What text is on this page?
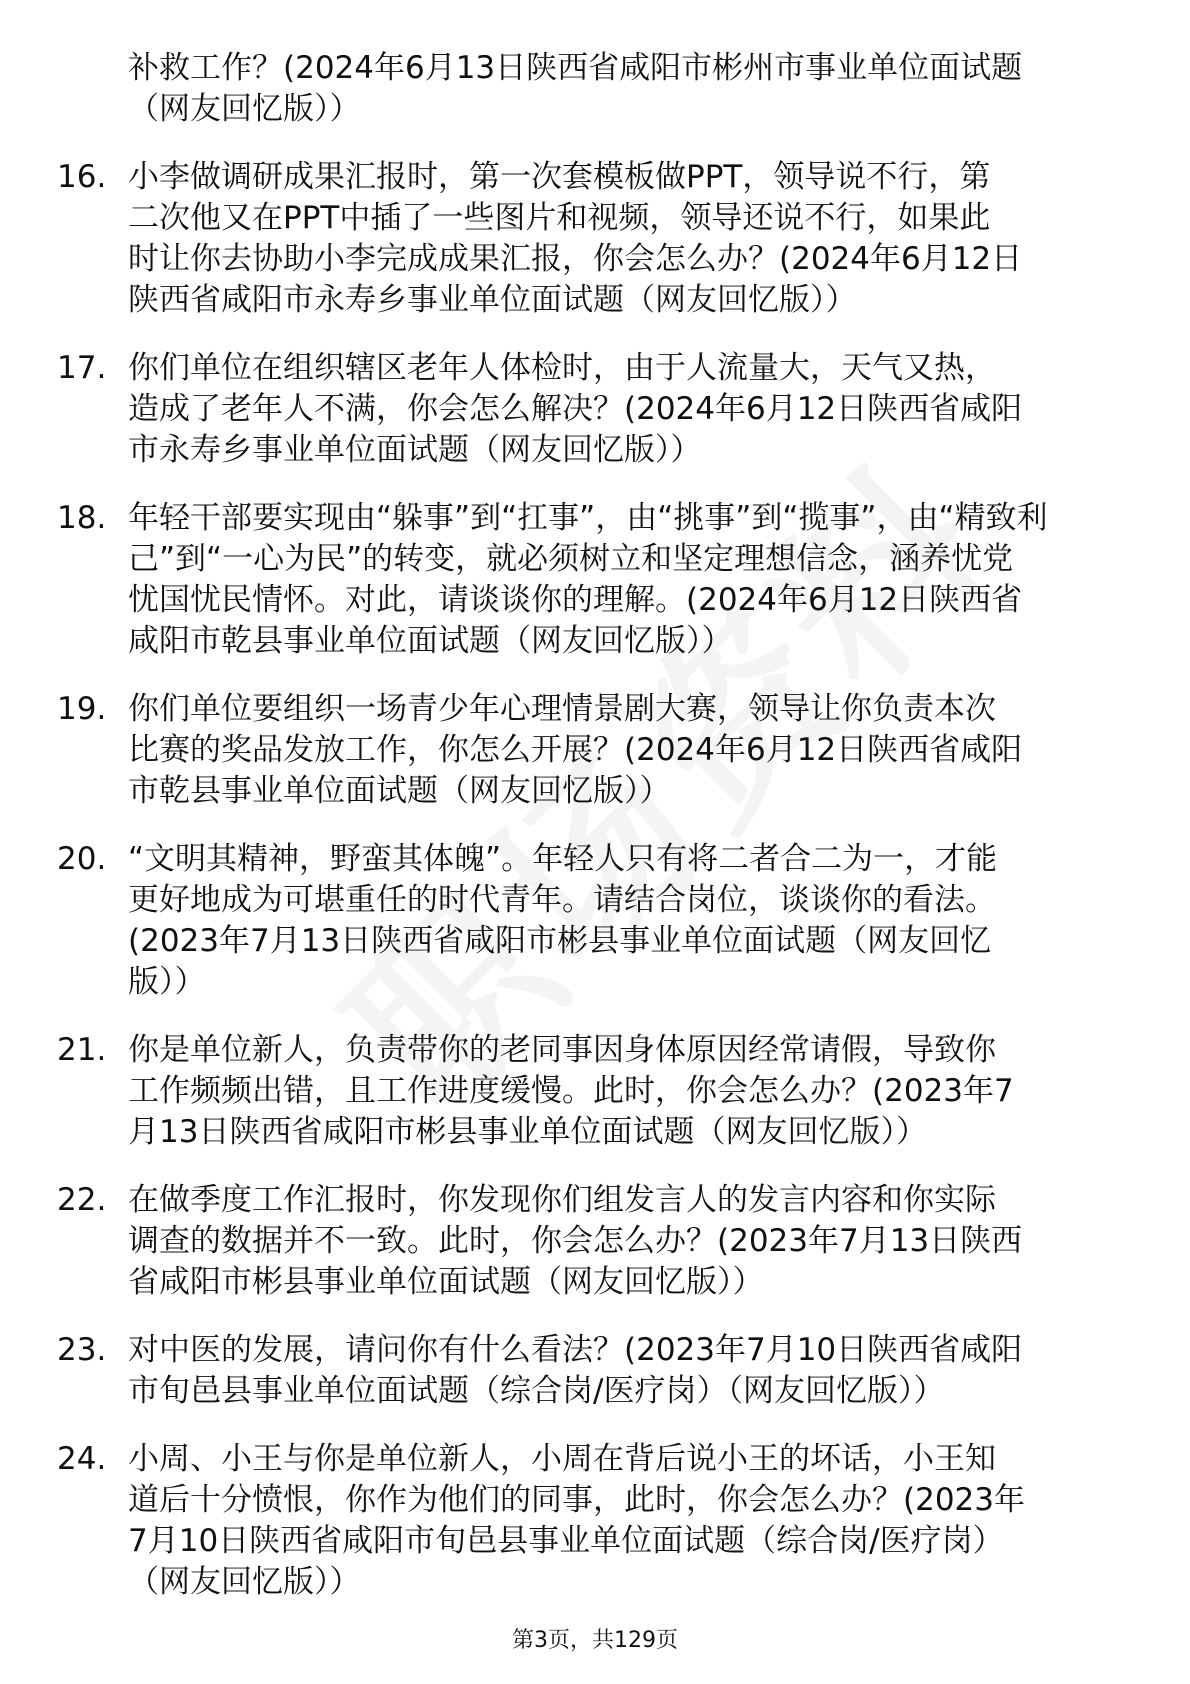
补救工作？(2024年6月13日陕西省咸阳市彬州市事业单位面试题
（网友回忆版））
16. 小李做调研成果汇报时，第一次套模板做PPT，领导说不行，第
二次他又在PPT中插了一些图片和视频，领导还说不行，如果此
时让你去协助小李完成成果汇报，你会怎么办？(2024年6月12日
陕西省咸阳市永寿乡事业单位面试题（网友回忆版））
17. 你们单位在组织辖区老年人体检时，由于人流量大，天气又热，
造成了老年人不满，你会怎么解决？(2024年6月12日陕西省咸阳
市永寿乡事业单位面试题（网友回忆版））
18. 年轻干部要实现由“躲事”到“扛事”，由“挑事”到“揽事”，由“精致利
己”到“一心为民”的转变，就必须树立和坚定理想信念，涵养忧党
忧国忧民情怀。对此，请谈谈你的理解。(2024年6月12日陕西省
咸阳市乾县事业单位面试题（网友回忆版））
19. 你们单位要组织一场青少年心理情景剧大赛，领导让你负责本次
比赛的奖品发放工作，你怎么开展？(2024年6月12日陕西省咸阳
市乾县事业单位面试题（网友回忆版））
20. “文明其精神，野蛮其体魄”。年轻人只有将二者合二为一，才能
更好地成为可堪重任的时代青年。请结合岗位，谈谈你的看法。
(2023年7月13日陕西省咸阳市彬县事业单位面试题（网友回忆
版））
21. 你是单位新人，负责带你的老同事因身体原因经常请假，导致你
工作频频出错，且工作进度缓慢。此时，你会怎么办？(2023年7
月13日陕西省咸阳市彬县事业单位面试题（网友回忆版））
22. 在做季度工作汇报时，你发现你们组发言人的发言内容和你实际
调查的数据并不一致。此时，你会怎么办？(2023年7月13日陕西
省咸阳市彬县事业单位面试题（网友回忆版））
23. 对中医的发展，请问你有什么看法？(2023年7月10日陕西省咸阳
市旬邑县事业单位面试题（综合岗/医疗岗）（网友回忆版））
24. 小周、小王与你是单位新人，小周在背后说小王的坏话，小王知
道后十分愤恨，你作为他们的同事，此时，你会怎么办？(2023年
7月10日陕西省咸阳市旬邑县事业单位面试题（综合岗/医疗岗）
（网友回忆版））
第3页，共129页
